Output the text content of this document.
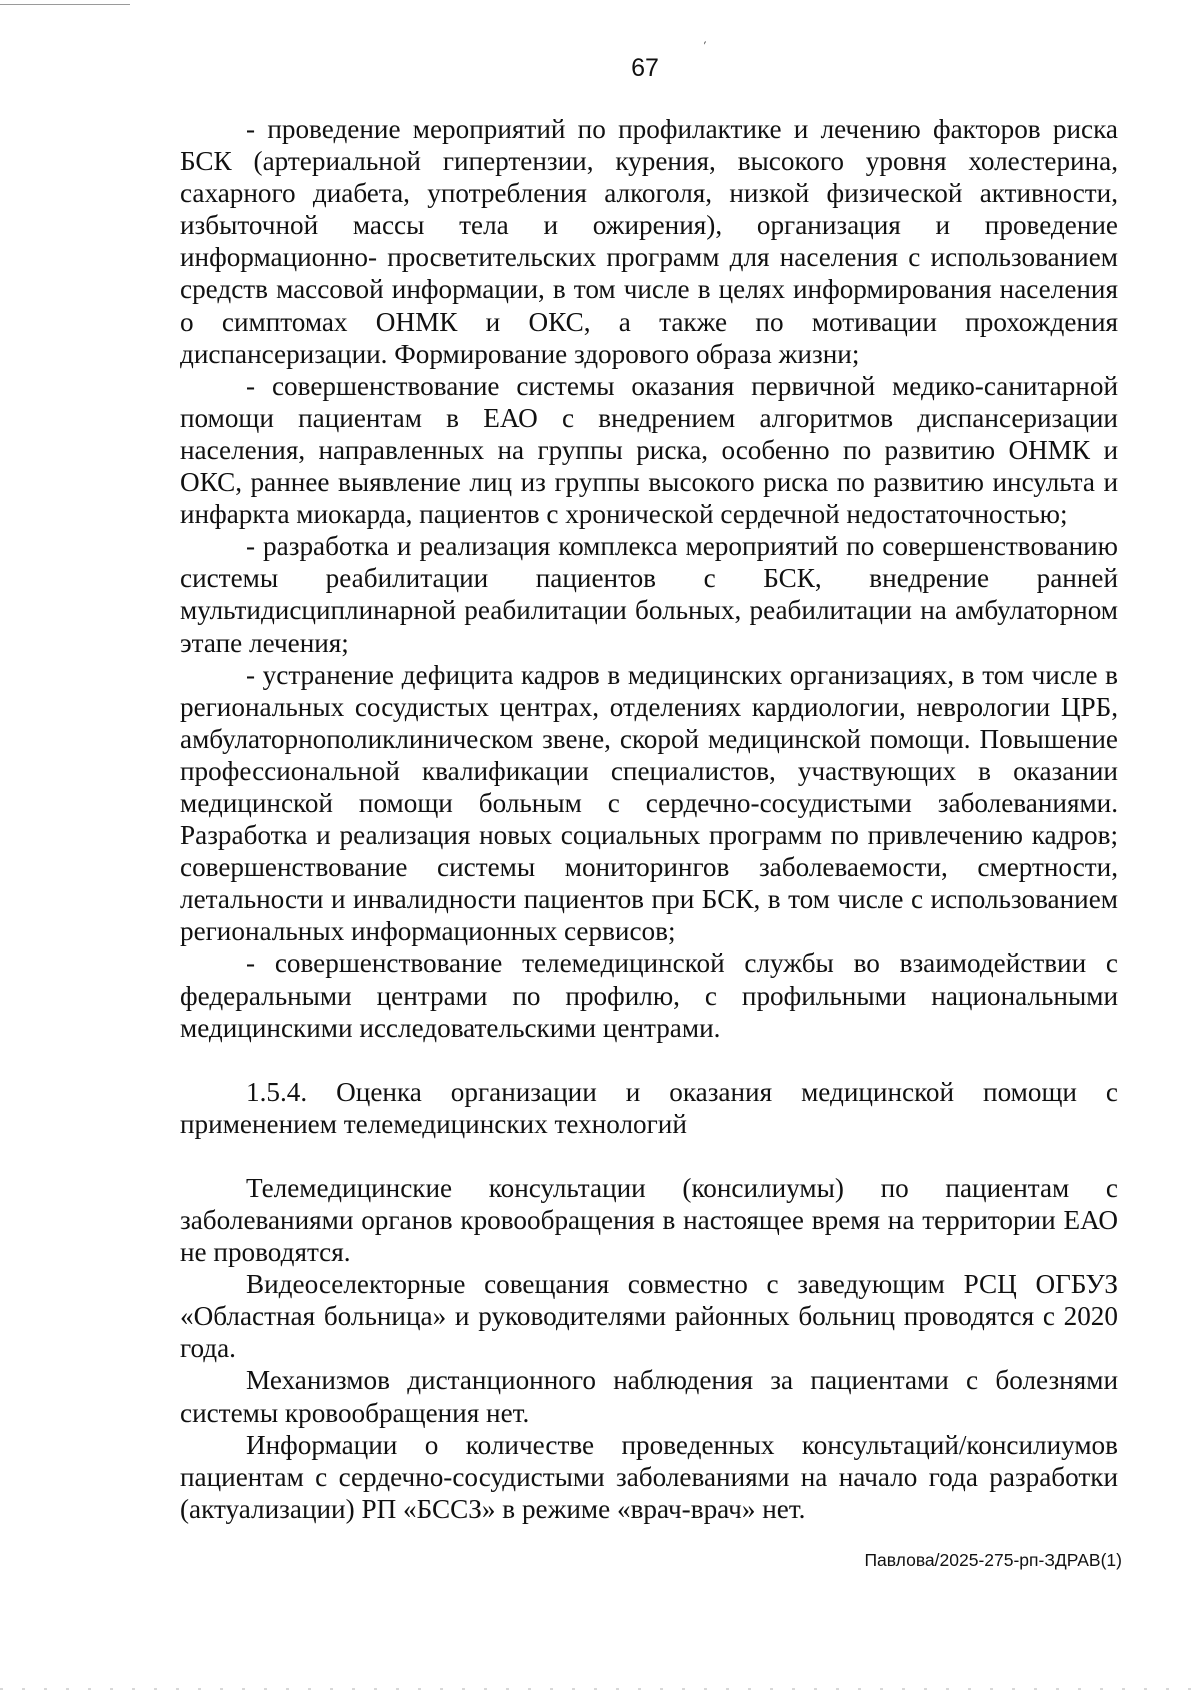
67
´

- проведение мероприятий по профилактике и лечению факторов риска БСК (артериальной гипертензии, курения, высокого уровня холестерина, сахарного диабета, употребления алкоголя, низкой физической активности, избыточной массы тела и ожирения), организация и проведение информационно- просветительских программ для населения с использованием средств массовой информации, в том числе в целях информирования населения о симптомах ОНМК и ОКС, а также по мотивации прохождения диспансеризации. Формирование здорового образа жизни;

- совершенствование системы оказания первичной медико-санитарной помощи пациентам в ЕАО с внедрением алгоритмов диспансеризации населения, направленных на группы риска, особенно по развитию ОНМК и ОКС, раннее выявление лиц из группы высокого риска по развитию инсульта и инфаркта миокарда, пациентов с хронической сердечной недостаточностью;

- разработка и реализация комплекса мероприятий по совершенствованию системы реабилитации пациентов с БСК, внедрение ранней мультидисциплинарной реабилитации больных, реабилитации на амбулаторном этапе лечения;

- устранение дефицита кадров в медицинских организациях, в том числе в региональных сосудистых центрах, отделениях кардиологии, неврологии ЦРБ, амбулаторнополиклиническом звене, скорой медицинской помощи. Повышение профессиональной квалификации специалистов, участвующих в оказании медицинской помощи больным с сердечно-сосудистыми заболеваниями. Разработка и реализация новых социальных программ по привлечению кадров; совершенствование системы мониторингов заболеваемости, смертности, летальности и инвалидности пациентов при БСК, в том числе с использованием региональных информационных сервисов;

- совершенствование телемедицинской службы во взаимодействии с федеральными центрами по профилю, с профильными национальными медицинскими исследовательскими центрами.

1.5.4. Оценка организации и оказания медицинской помощи с применением телемедицинских технологий

Телемедицинские консультации (консилиумы) по пациентам с заболеваниями органов кровообращения в настоящее время на территории ЕАО не проводятся.

Видеоселекторные совещания совместно с заведующим РСЦ ОГБУЗ «Областная больница» и руководителями районных больниц проводятся с 2020 года.

Механизмов дистанционного наблюдения за пациентами с болезнями системы кровообращения нет.

Информации о количестве проведенных консультаций/консилиумов пациентам с сердечно-сосудистыми заболеваниями на начало года разработки (актуализации) РП «БССЗ» в режиме «врач-врач» нет.

Павлова/2025-275-рп-ЗДРАВ(1)
